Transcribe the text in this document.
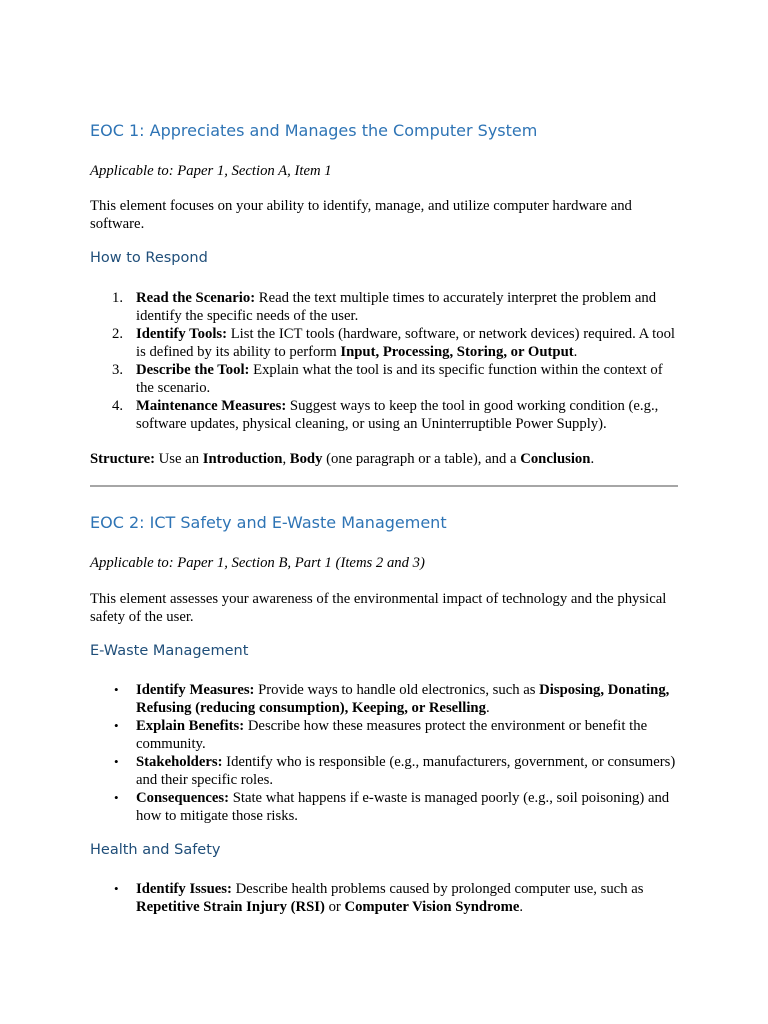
EOC 1: Appreciates and Manages the Computer System

Applicable to: Paper 1, Section A, Item 1

This element focuses on your ability to identify, manage, and utilize computer hardware and software.

How to Respond
1. Read the Scenario: Read the text multiple times to accurately interpret the problem and identify the specific needs of the user.
2. Identify Tools: List the ICT tools (hardware, software, or network devices) required. A tool is defined by its ability to perform Input, Processing, Storing, or Output.
3. Describe the Tool: Explain what the tool is and its specific function within the context of the scenario.
4. Maintenance Measures: Suggest ways to keep the tool in good working condition (e.g., software updates, physical cleaning, or using an Uninterruptible Power Supply).

Structure: Use an Introduction, Body (one paragraph or a table), and a Conclusion.

EOC 2: ICT Safety and E-Waste Management

Applicable to: Paper 1, Section B, Part 1 (Items 2 and 3)

This element assesses your awareness of the environmental impact of technology and the physical safety of the user.

E-Waste Management
•	Identify Measures: Provide ways to handle old electronics, such as Disposing, Donating, Refusing (reducing consumption), Keeping, or Reselling.
•	Explain Benefits: Describe how these measures protect the environment or benefit the community.
•	Stakeholders: Identify who is responsible (e.g., manufacturers, government, or consumers) and their specific roles.
•	Consequences: State what happens if e-waste is managed poorly (e.g., soil poisoning) and how to mitigate those risks.
Health and Safety
•	Identify Issues: Describe health problems caused by prolonged computer use, such as Repetitive Strain Injury (RSI) or Computer Vision Syndrome.
